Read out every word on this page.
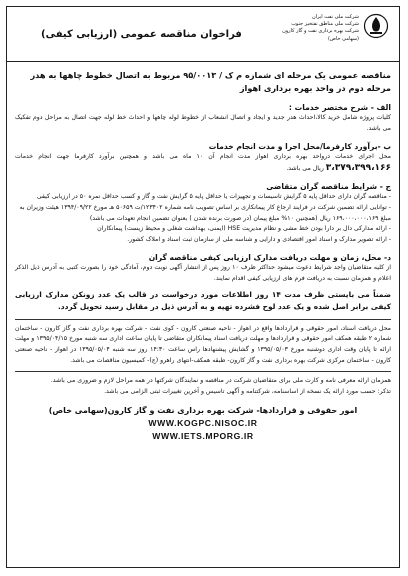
شرکت ملی نفت ایران
شرکت ملی مناطق نفتخیز جنوب
شرکت بهره برداری نفت و گاز کارون
(سهامی خاص)
فراخوان مناقصه عمومی (ارزیابی کیفی)
مناقصه عمومی یک مرحله ای شماره م ک / ۹۵/۰۰۱۳ مربوط به اتصال خطوط چاهها به هدر مرحله دوم در واحد بهره برداری اهواز
الف - شرح مختصر خدمات :
کلیات پروژه شامل خرید کالا،احداث هدر جدید و ایجاد و اتصال انشعاب از خطوط لوله چاهها و احداث خط لوله جهت اتصال به مراحل دوم تفکیک می باشد.
ب -برآورد کارفرما/محل اجرا و مدت انجام خدمات
محل اجرای خدمات درواحد بهره برداری اهواز مدت انجام آن ۱۰ ماه می باشد و همچنین برآورد کارفرما جهت انجام خدمات ۳،۳۷۹،۳۹۹،۱۶۶ ریال می باشد.
ج - شرایط مناقصه گران متقاضی
- مناقصه گران دارای حداقل پایه ۵ گرایش تاسیسات و تجهیزات یا حداقل پایه ۵ گرایش نفت و گاز و کسب حداقل نمره ۵۰ در ارزیابی کیفی
- توانایی ارائه تضمین شرکت در فرایند ارجاع کار پیمانکاری بر اساس تصویب نامه شماره ۱۲۳۴۰۲/ت ۵۰۶۵۹ هـ مورخ ۱۳۹۴/۰۹/۲۲ هیئت وزیران به مبلغ ۱۶۹،۰۰۰،۰۰۰،۱۶۹ ریال (همچنین ۱۰% مبلغ پیمان (در صورت برنده شدن ) بعنوان تضمین انجام تعهدات می باشد)
- ارائه مدارکی دال بر دارا بودن خط مشی و نظام مدیریت HSE (ایمنی، بهداشت شغلی و محیط زیست) پیمانکاران
- ارائه تصویر مدارک و اسناد امور اقتصادی و دارایی و شناسه ملی از سازمان ثبت اسناد و املاک کشور.
د- محل، زمان و مهلت دریافت مدارک ارزیابی کیفی مناقصه گران
از کلیه متقاضیان واجد شرایط دعوت میشود حداکثر ظرف ۱۰ روز پس از انتشار آگهی نوبت دوم، آمادگی خود را بصورت کتبی به آدرس ذیل الذکر اعلام و همزمان نسبت به دریافت فرم های ارزیابی کیفی اقدام نمایند.
ضمناً می بایستی ظرف مدت ۱۴ روز اطلاعات مورد درخواست در قالب یک عدد زونکن مدارک ارزیابی کیفی برابر اصل شده و یک عدد لوح فشرده تهیه و به آدرس ذیل در مقابل رسید تحویل گردد.
محل دریافت اسناد، امور حقوقی و قراردادها واقع در اهواز - ناحیه صنعتی کارون - کوی نفت - شرکت بهره برداری نفت و گاز کارون - ساختمان شماره ۲ طبقه همکف امور حقوقی و قراردادها و مهلت دریافت اسناد پیمانکاران متقاضی تا پایان ساعت اداری سه شنبه مورخ ۱۳۹۵/۰۴/۱۵ و مهلت ارائه تا پایان وقت اداری دوشنبه مورخ ۱۳۹۵/۰۵/۰۳ و گشایش پیشنهادها راس ساعت ۱۴:۳۰ روز سه شنبه ۱۳۹۵/۰۵/۰۴ در اهواز - ناحیه صنعتی کارون - ساختمان مرکزی شرکت بهره برداری نفت و گاز کارون- طبقه همکف-انتهای راهرو (ج)- کمیسیون مناقصات می باشد.
همزمان ارائه معرفی نامه و کارت ملی برای متقاضیان شرکت در مناقصه و نمایندگان شرکتها در همه مراحل لازم و ضروری می باشد.
تذکر: حسب مورد ارائه یک نسخه از اساسنامه، شرکتنامه و آگهی تاسیس و آخرین تغییرات ثبتی الزامی می باشد.
امور حقوقی و قراردادها- شرکت بهره برداری نفت و گاز کارون(سهامی خاص)
WWW.KOGPC.NISOC.IR
WWW.IETS.MPORG.IR
